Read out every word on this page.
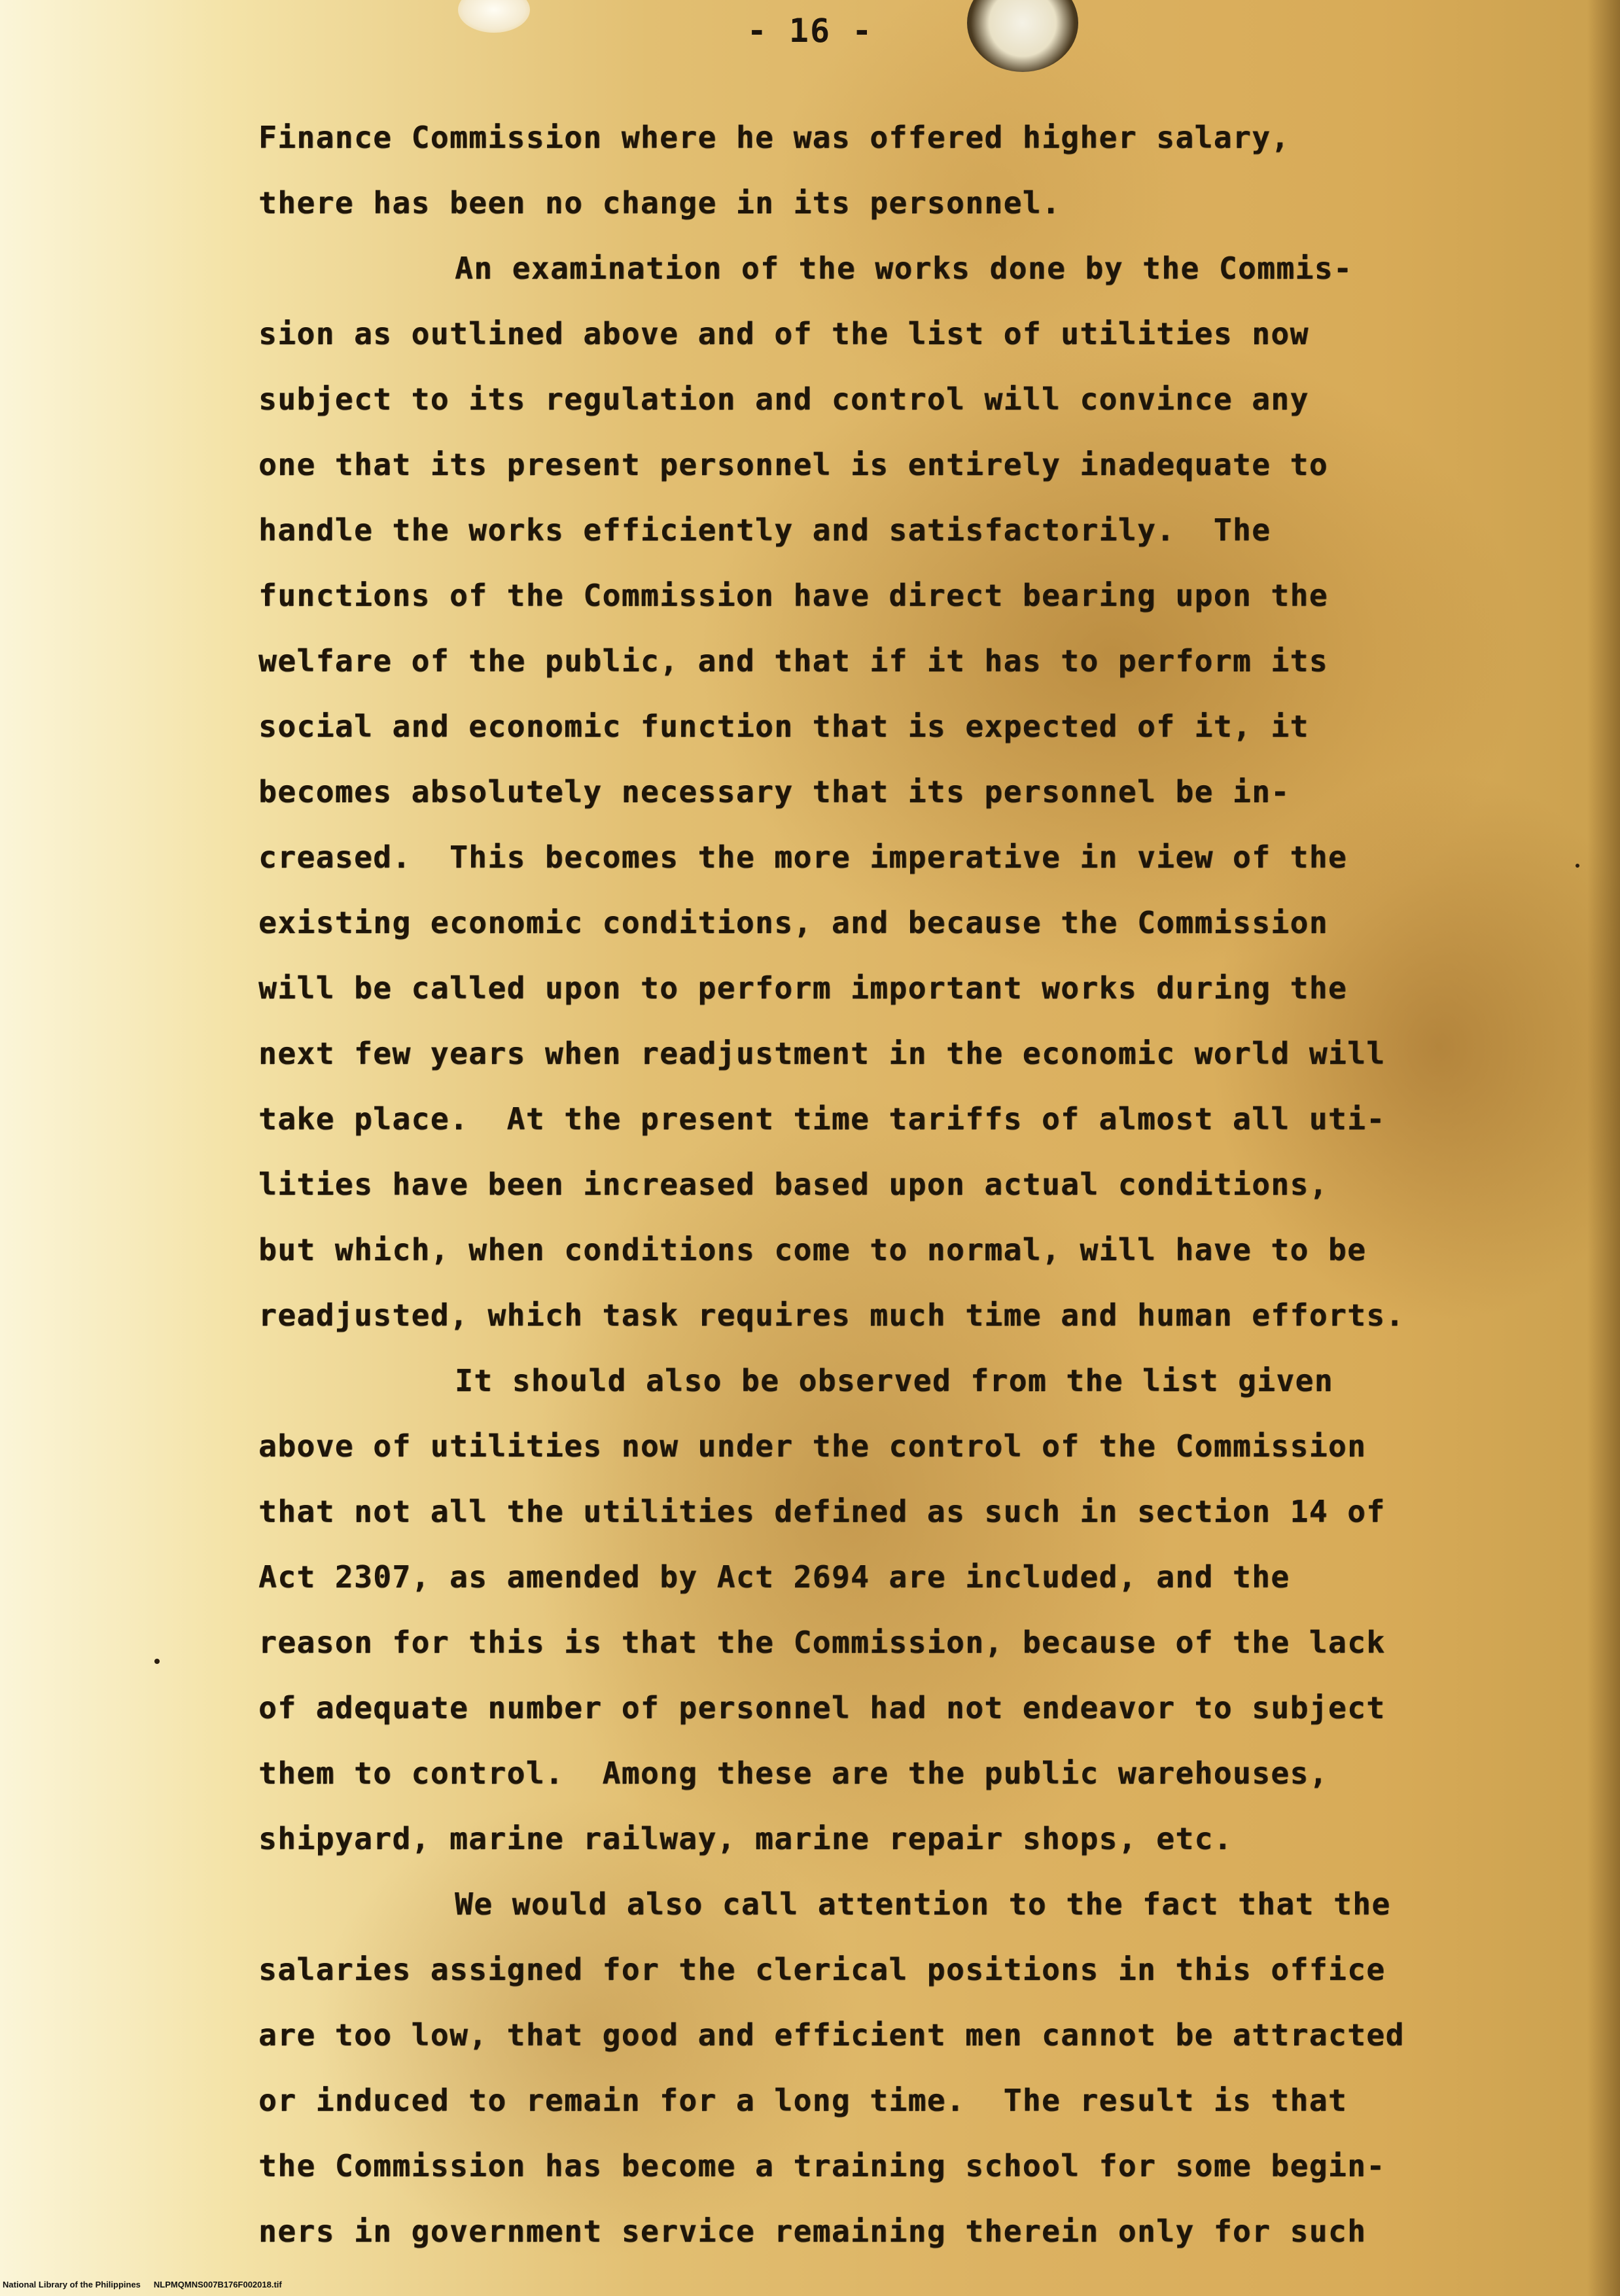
- 16 -
Finance Commission where he was offered higher salary,
there has been no change in its personnel.
An examination of the works done by the Commis-
sion as outlined above and of the list of utilities now
subject to its regulation and control will convince any
one that its present personnel is entirely inadequate to
handle the works efficiently and satisfactorily.  The
functions of the Commission have direct bearing upon the
welfare of the public, and that if it has to perform its
social and economic function that is expected of it, it
becomes absolutely necessary that its personnel be in-
creased.  This becomes the more imperative in view of the
existing economic conditions, and because the Commission
will be called upon to perform important works during the
next few years when readjustment in the economic world will
take place.  At the present time tariffs of almost all uti-
lities have been increased based upon actual conditions,
but which, when conditions come to normal, will have to be
readjusted, which task requires much time and human efforts.
It should also be observed from the list given
above of utilities now under the control of the Commission
that not all the utilities defined as such in section 14 of
Act 2307, as amended by Act 2694 are included, and the
reason for this is that the Commission, because of the lack
of adequate number of personnel had not endeavor to subject
them to control.  Among these are the public warehouses,
shipyard, marine railway, marine repair shops, etc.
We would also call attention to the fact that the
salaries assigned for the clerical positions in this office
are too low, that good and efficient men cannot be attracted
or induced to remain for a long time.  The result is that
the Commission has become a training school for some begin-
ners in government service remaining therein only for such
National Library of the Philippines NLPMQMNS007B176F002018.tif
